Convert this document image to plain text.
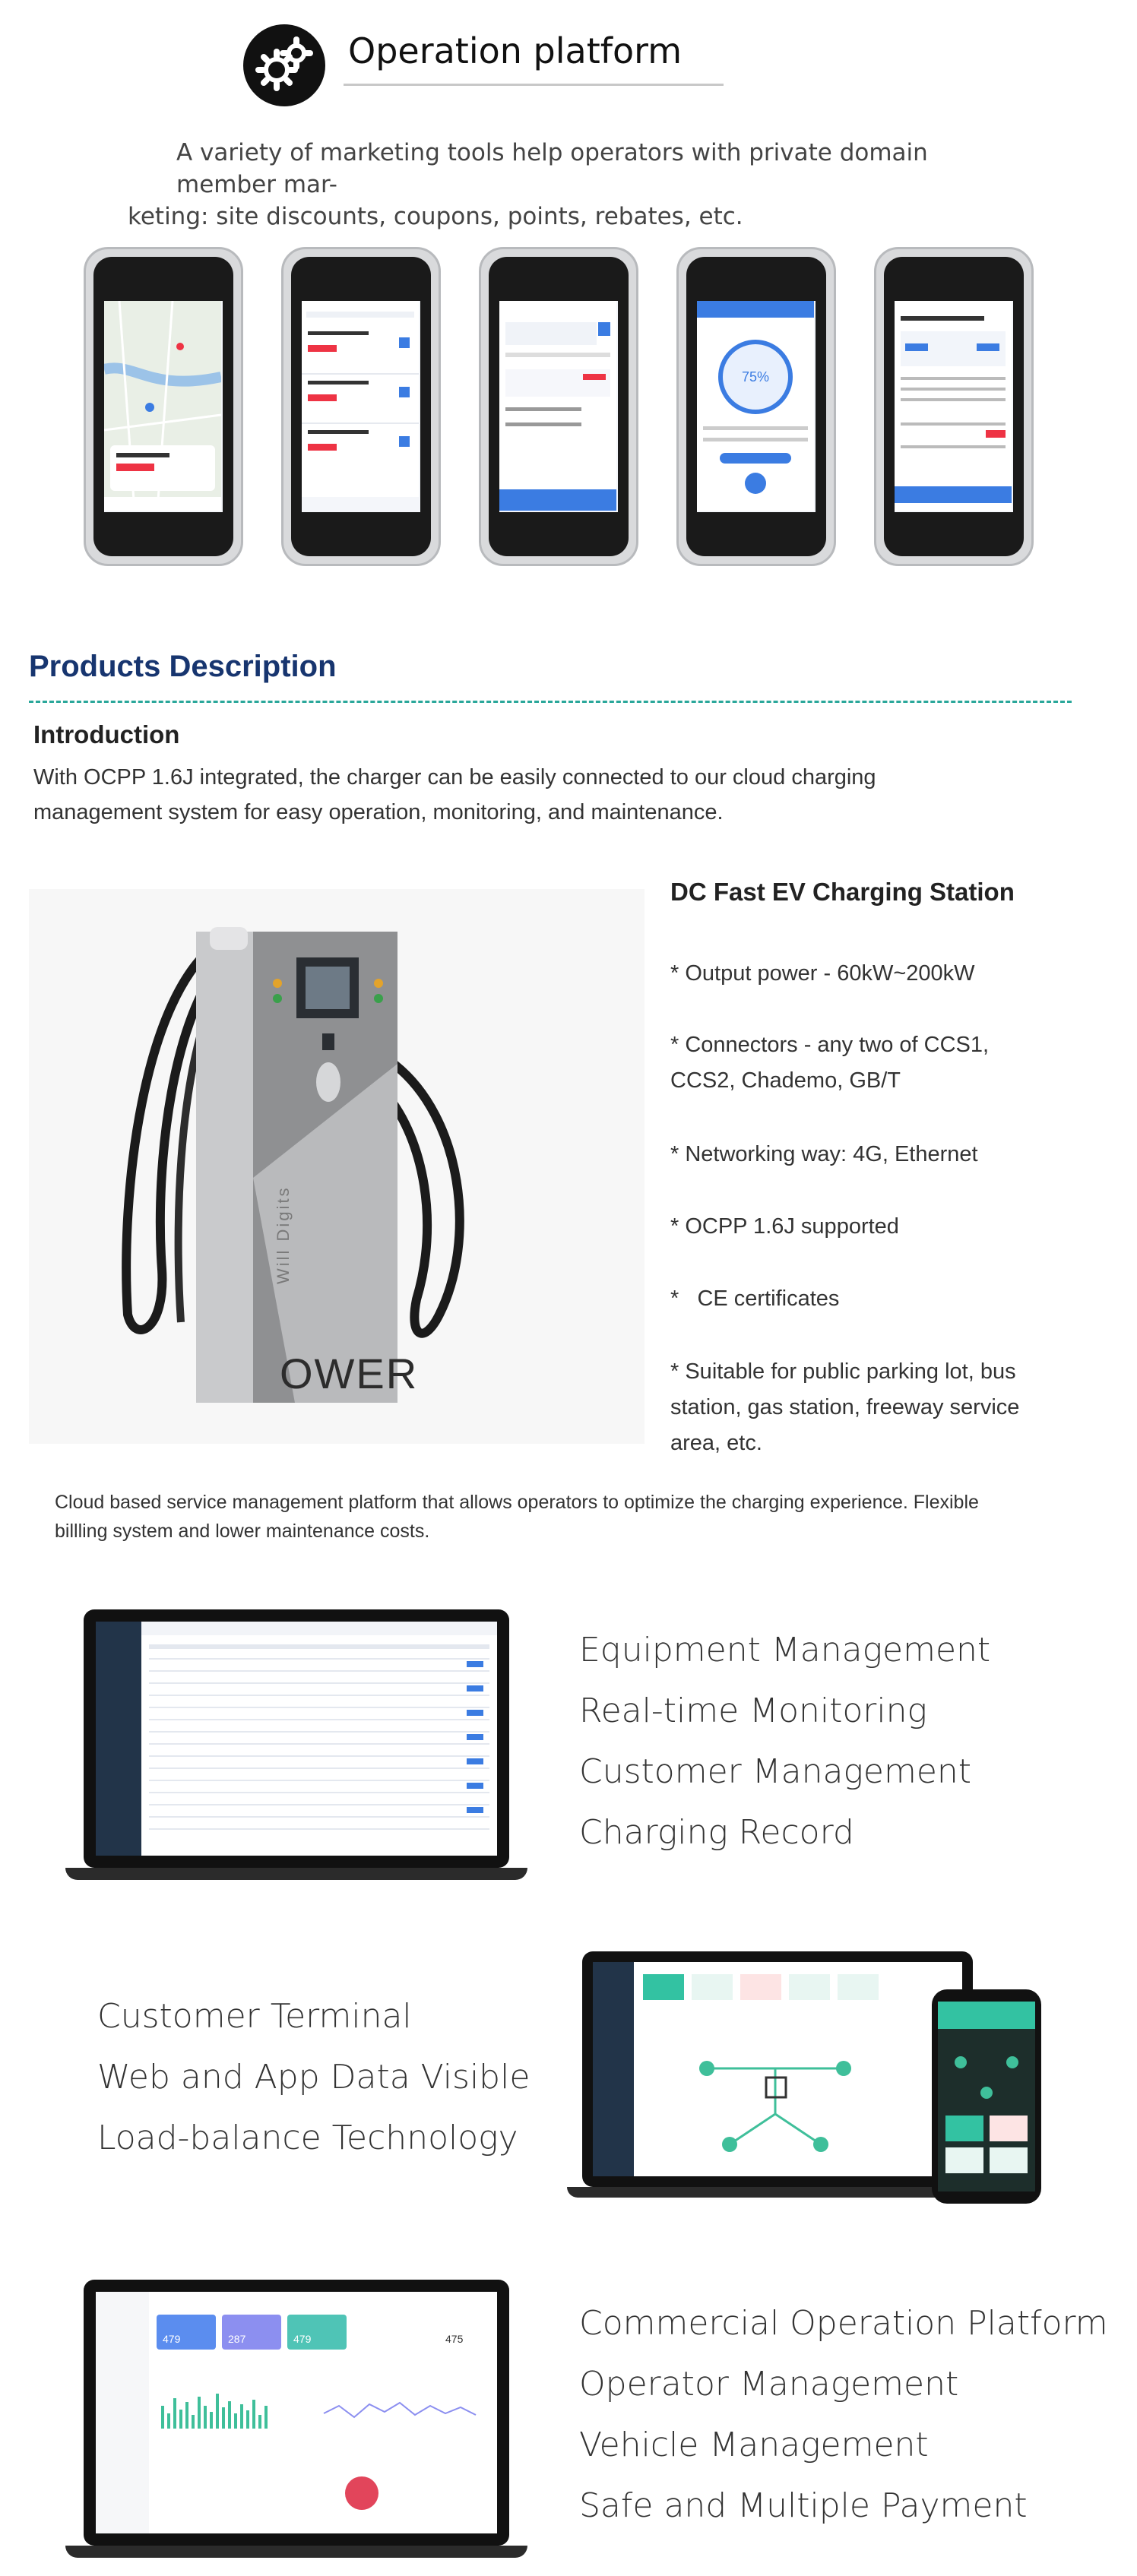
Operation platform
A variety of marketing tools help operators with private domain member mar-
keting: site discounts, coupons, points, rebates, etc.
75%
Products Description
Introduction
With OCPP 1.6J integrated, the charger can be easily connected to our cloud charging
management system for easy operation, monitoring, and maintenance.
OWER
Will Digits
DC Fast EV Charging Station
* Output power - 60kW~200kW
* Connectors - any two of CCS1,
CCS2, Chademo, GB/T
* Networking way: 4G, Ethernet
* OCPP 1.6J supported
*   CE certificates
* Suitable for public parking lot, bus
station, gas station, freeway service
area, etc.
Cloud based service management platform that allows operators to optimize the charging experience. Flexible
billling system and lower maintenance costs.
Equipment Management
Real-time Monitoring
Customer Management
Charging Record
Customer Terminal
Web and App Data Visible
Load-balance Technology
479	287	479	475	Commercial Operation Platform
Operator Management
Vehicle Management
Safe and Multiple Payment
